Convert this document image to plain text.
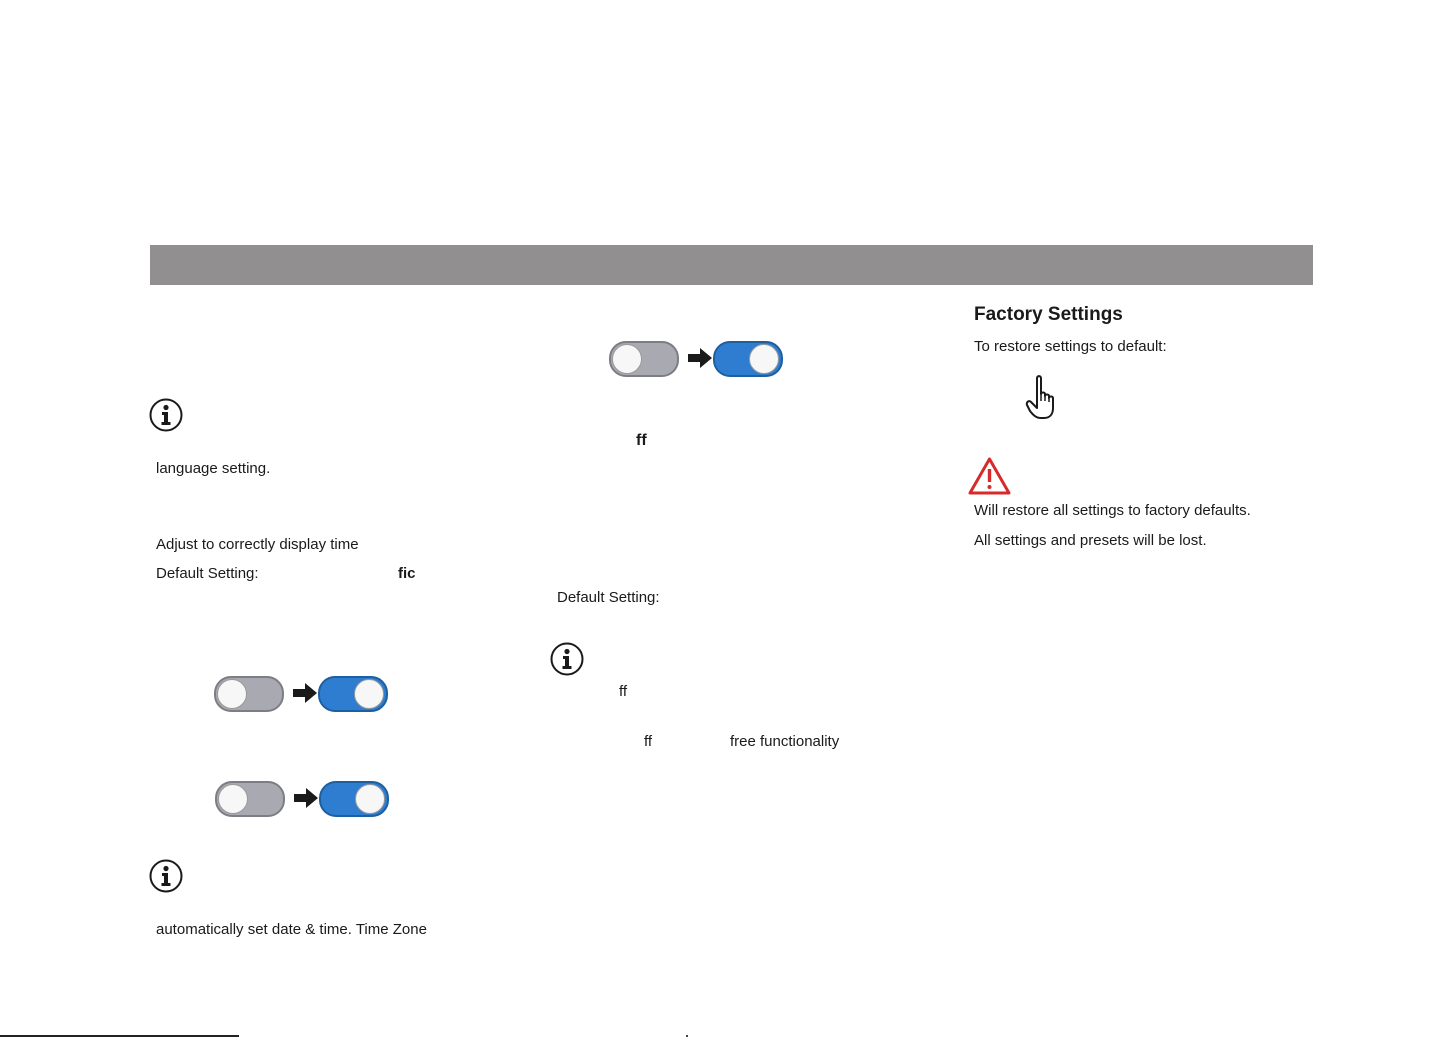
language setting.
Adjust to correctly display time
Default Setting:	fic
automatically set date & time. Time Zone
ff
Default Setting:
ff
ff	free functionality
Factory Settings
To restore settings to default:
Will restore all settings to factory defaults.
All settings and presets will be lost.
